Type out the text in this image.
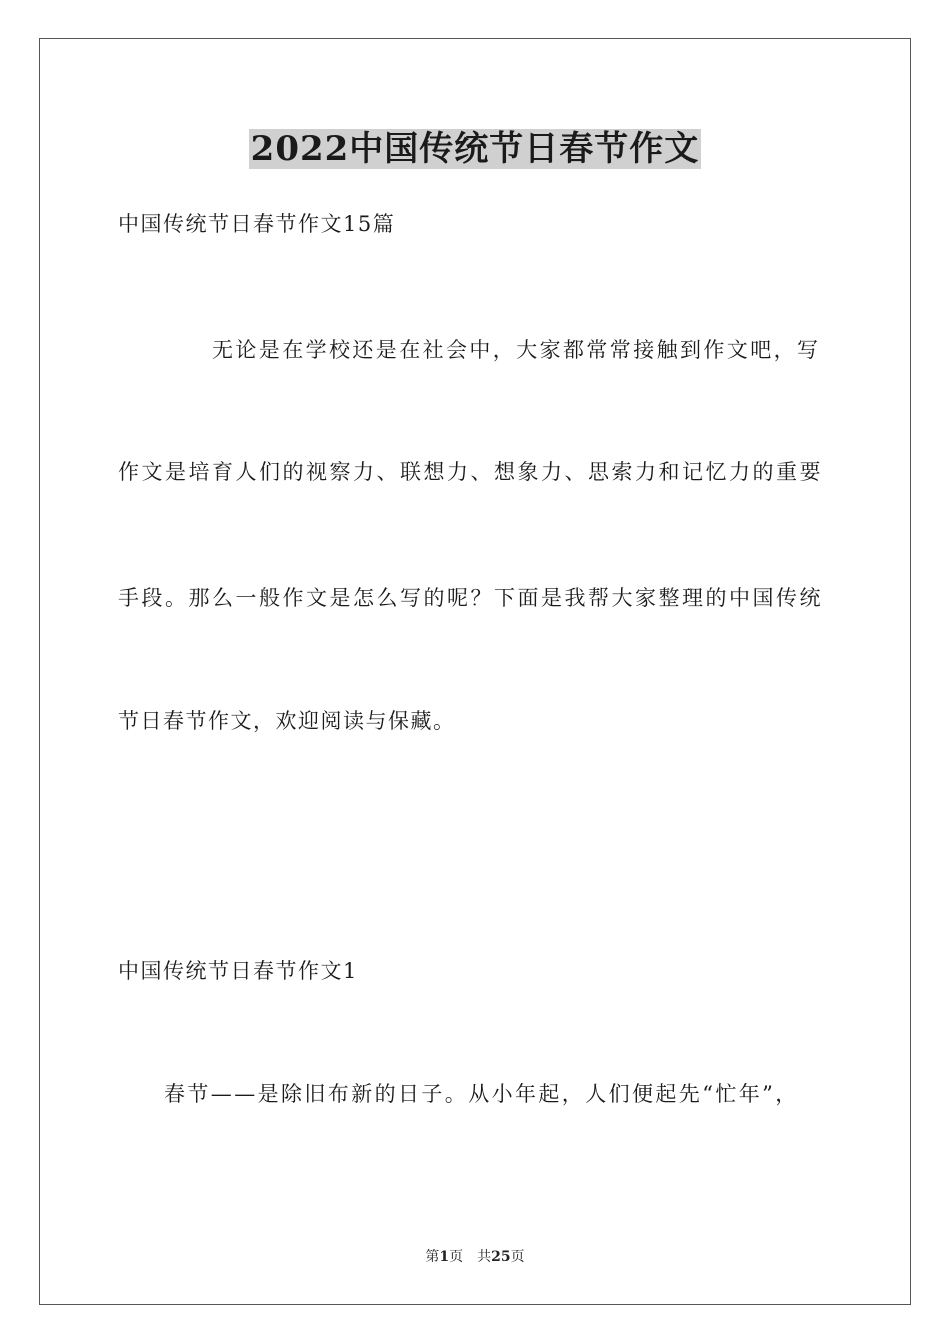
2022中国传统节日春节作文
中国传统节日春节作文15篇
无论是在学校还是在社会中，大家都常常接触到作文吧，写
作文是培育人们的视察力、联想力、想象力、思索力和记忆力的重要
手段。那么一般作文是怎么写的呢？下面是我帮大家整理的中国传统
节日春节作文，欢迎阅读与保藏。
中国传统节日春节作文1
春节——是除旧布新的日子。从小年起，人们便起先“忙年”，
第1页 共25页
